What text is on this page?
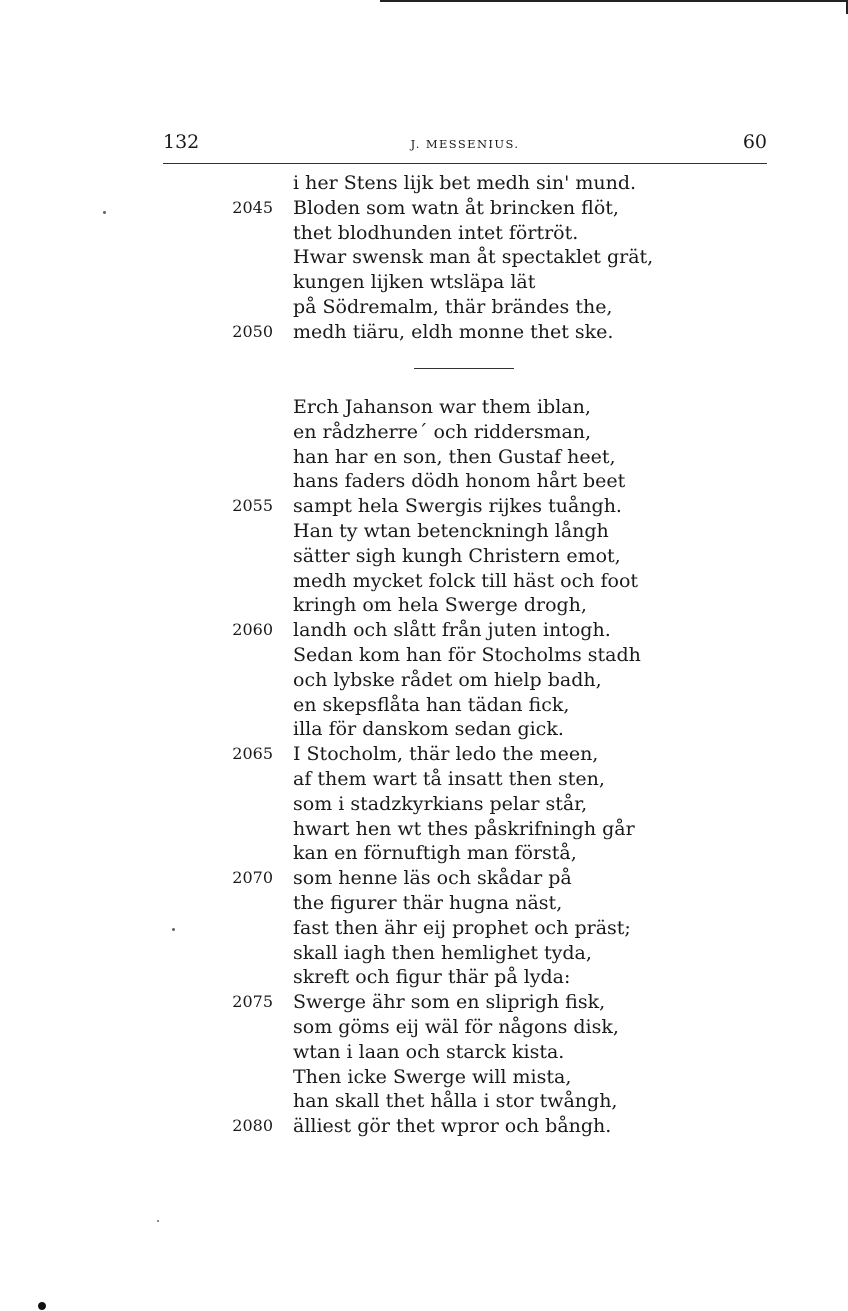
132	J. MESSENIUS.	60
i her Stens lijk bet medh sin' mund.
2045 Bloden som watn åt brincken flöt,
thet blodhunden intet förtröt.
Hwar swensk man åt spectaklet grät,
kungen lijken wtsläpa lät
på Södremalm, thär brändes the,
2050 medh tiäru, eldh monne thet ske.
Erch Jahanson war them iblan,
en rådzherre´ och riddersman,
han har en son, then Gustaf heet,
hans faders dödh honom hårt beet
2055 sampt hela Swergis rijkes tuångh.
Han ty wtan betenckningh långh
sätter sigh kungh Christern emot,
medh mycket folck till häst och foot
kringh om hela Swerge drogh,
2060 landh och slått från juten intogh.
Sedan kom han för Stocholms stadh
och lybske rådet om hielp badh,
en skepsflåta han tädan fick,
illa för danskom sedan gick.
2065 I Stocholm, thär ledo the meen,
af them wart tå insatt then sten,
som i stadzkyrkians pelar står,
hwart hen wt thes påskrifningh går
kan en förnuftigh man förstå,
2070 som henne läs och skådar på
the figurer thär hugna näst,
fast then ähr eij prophet och präst;
skall iagh then hemlighet tyda,
skreft och figur thär på lyda:
2075 Swerge ähr som en sliprigh fisk,
som göms eij wäl för någons disk,
wtan i laan och starck kista.
Then icke Swerge will mista,
han skall thet hålla i stor twångh,
2080 älliest gör thet wpror och bångh.
